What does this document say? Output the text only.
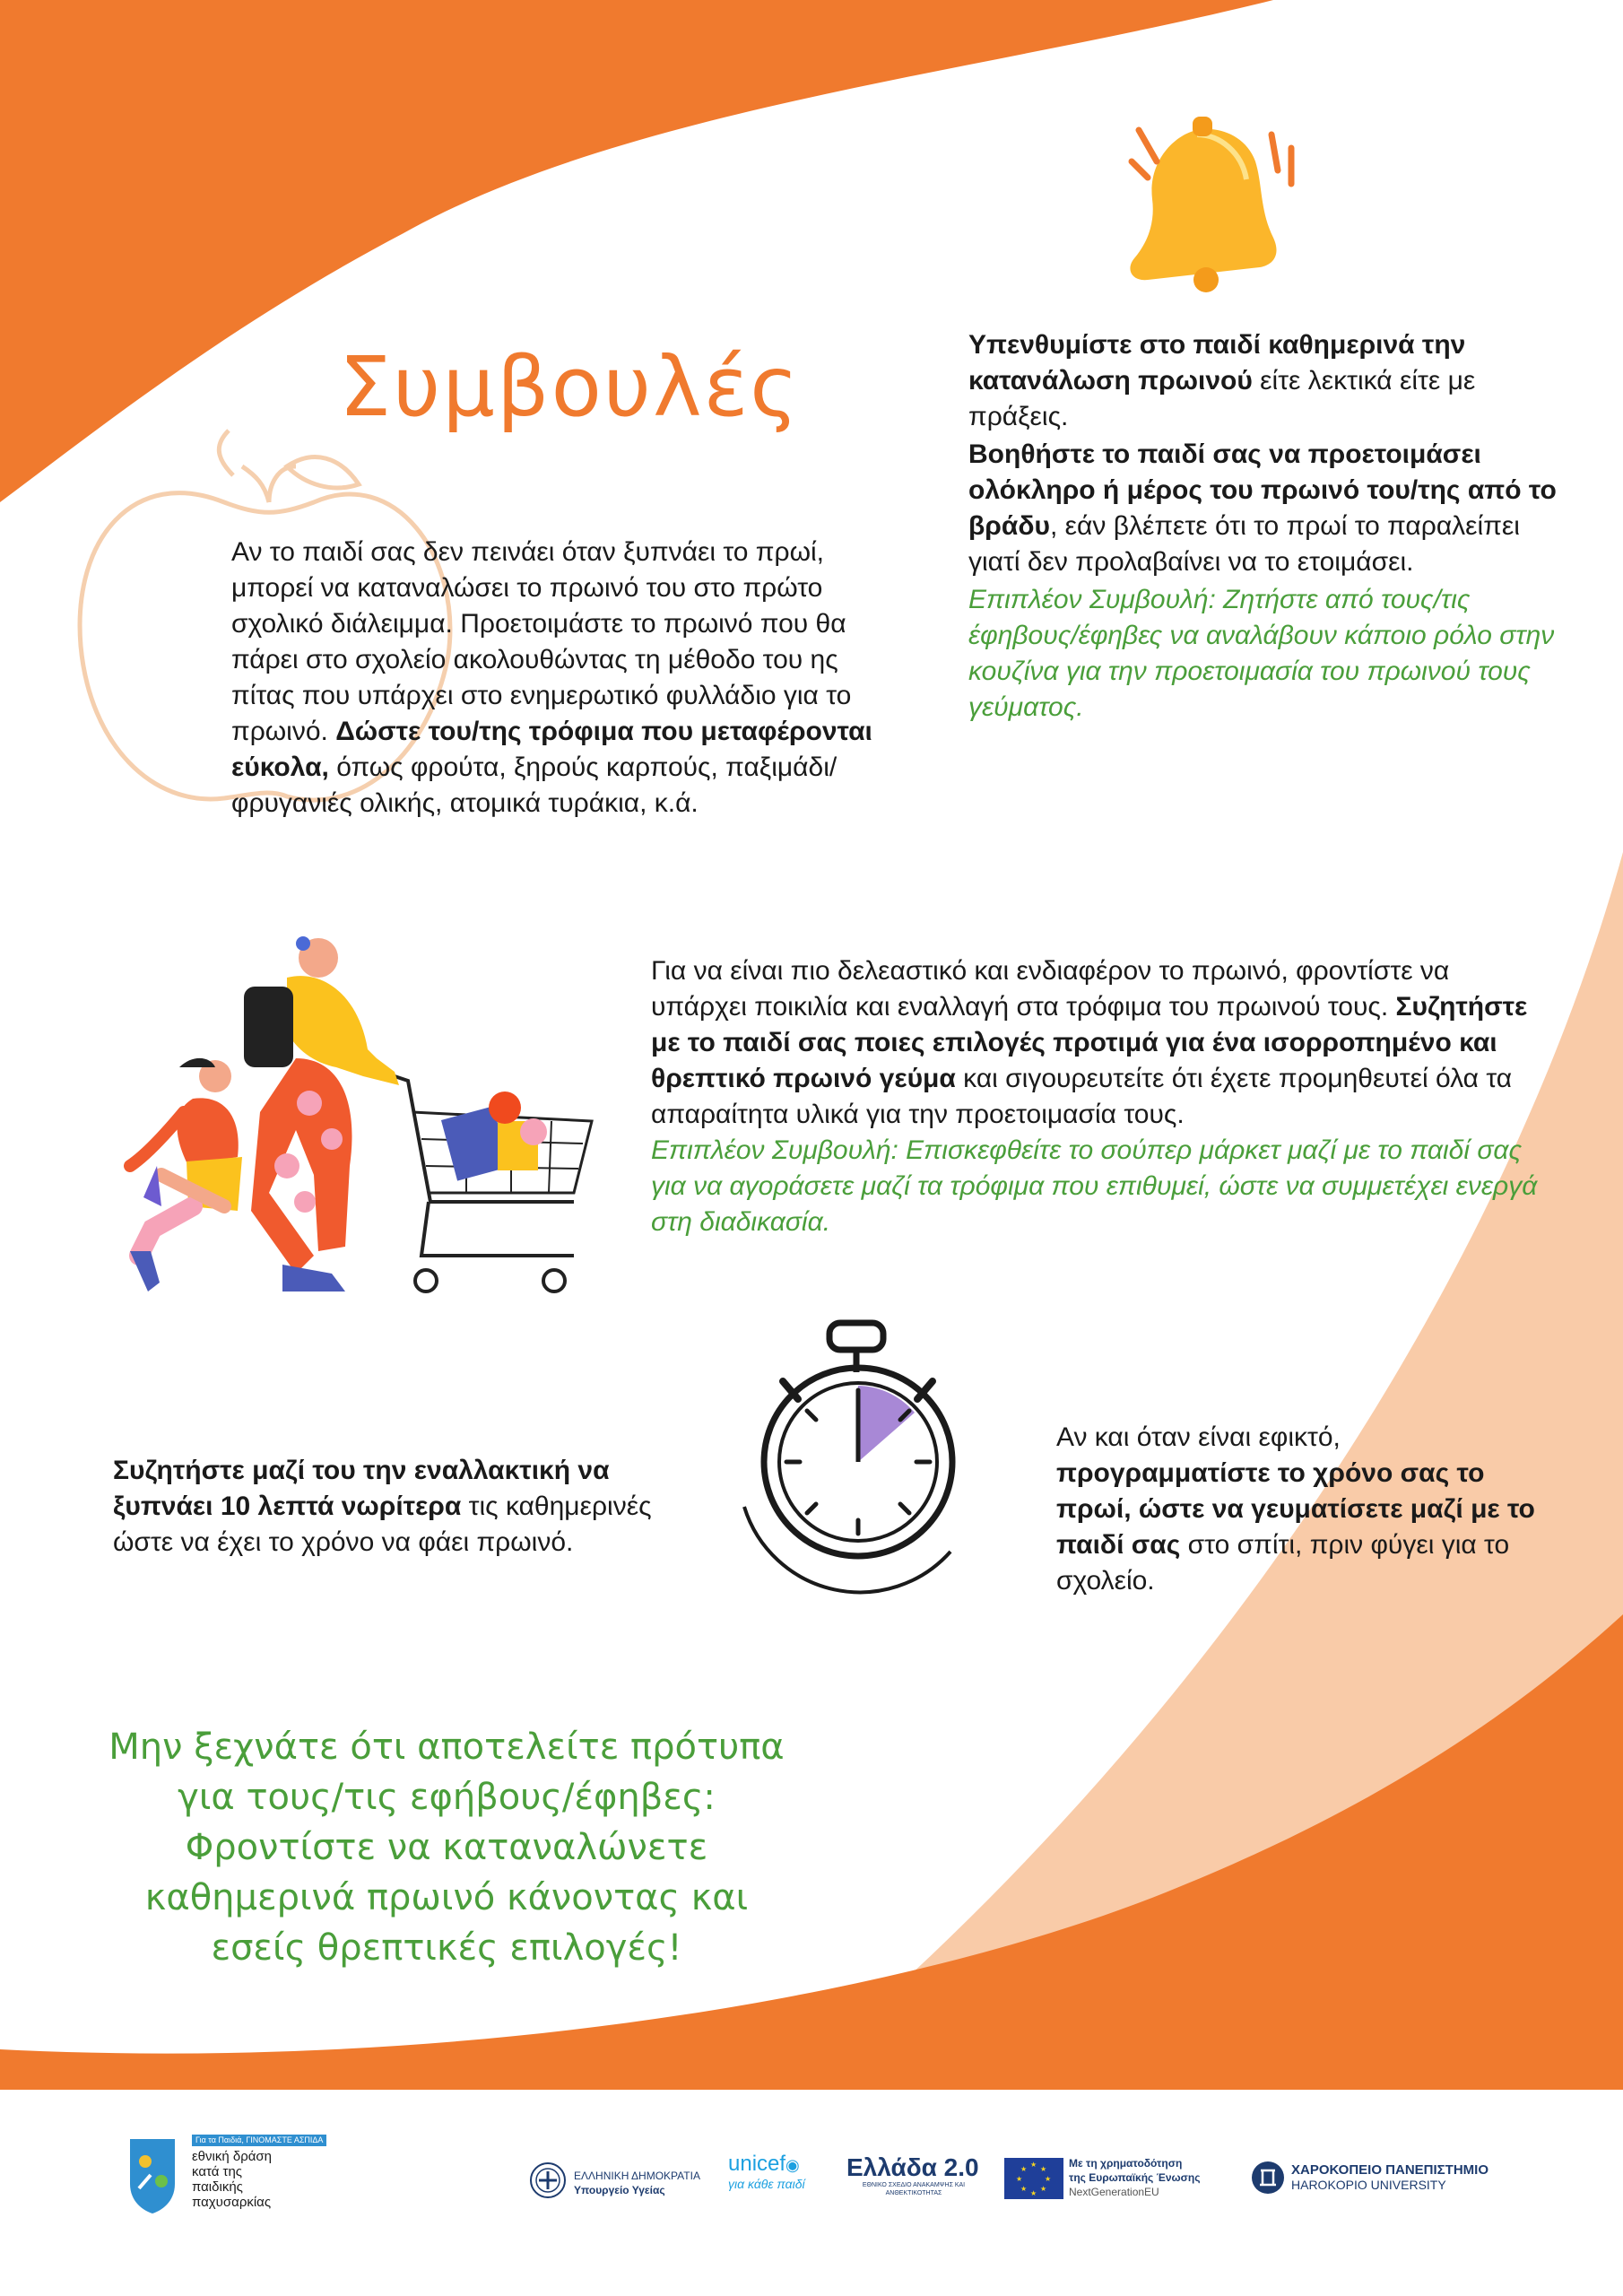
Συμβουλές
Αν το παιδί σας δεν πεινάει όταν ξυπνάει το πρωί, μπορεί να καταναλώσει το πρωινό του στο πρώτο σχολικό διάλειμμα. Προετοιμάστε το πρωινό που θα πάρει στο σχολείο ακολουθώντας τη μέθοδο του ης πίτας που υπάρχει στο ενημερωτικό φυλλάδιο για το πρωινό. Δώστε του/της τρόφιμα που μεταφέρονται εύκολα, όπως φρούτα, ξηρούς καρπούς, παξιμάδι/ φρυγανιές ολικής, ατομικά τυράκια, κ.ά.
Υπενθυμίστε στο παιδί καθημερινά την κατανάλωση πρωινού είτε λεκτικά είτε με πράξεις.
Βοηθήστε το παιδί σας να προετοιμάσει ολόκληρο ή μέρος του πρωινό του/της από το βράδυ, εάν βλέπετε ότι το πρωί το παραλείπει γιατί δεν προλαβαίνει να το ετοιμάσει.
Επιπλέον Συμβουλή: Ζητήστε από τους/τις έφηβους/έφηβες να αναλάβουν κάποιο ρόλο στην κουζίνα για την προετοιμασία του πρωινού τους γεύματος.
Για να είναι πιο δελεαστικό και ενδιαφέρον το πρωινό, φροντίστε να υπάρχει ποικιλία και εναλλαγή στα τρόφιμα του πρωινού τους. Συζητήστε με το παιδί σας ποιες επιλογές προτιμά για ένα ισορροπημένο και θρεπτικό πρωινό γεύμα και σιγουρευτείτε ότι έχετε προμηθευτεί όλα τα απαραίτητα υλικά για την προετοιμασία τους.
Επιπλέον Συμβουλή: Επισκεφθείτε το σούπερ μάρκετ μαζί με το παιδί σας για να αγοράσετε μαζί τα τρόφιμα που επιθυμεί, ώστε να συμμετέχει ενεργά στη διαδικασία.
Συζητήστε μαζί του την εναλλακτική να ξυπνάει 10 λεπτά νωρίτερα τις καθημερινές ώστε να έχει το χρόνο να φάει πρωινό.
Αν και όταν είναι εφικτό, προγραμματίστε το χρόνο σας το πρωί, ώστε να γευματίσετε μαζί με το παιδί σας στο σπίτι, πριν φύγει για το σχολείο.
Μην ξεχνάτε ότι αποτελείτε πρότυπα για τους/τις εφήβους/έφηβες: Φροντίστε να καταναλώνετε καθημερινά πρωινό κάνοντας και εσείς θρεπτικές επιλογές!
Για τα Παιδιά, ΓΙΝΟΜΑΣΤΕ ΑΣΠΙΔΑ
εθνική δράση
κατά της
παιδικής
παχυσαρκίας
ΕΛΛΗΝΙΚΗ ΔΗΜΟΚΡΑΤΙΑ
Υπουργείο Υγείας
unicef◉
για κάθε παιδί
Ελλάδα 2.0
ΕΘΝΙΚΟ ΣΧΕΔΙΟ ΑΝΑΚΑΜΨΗΣ ΚΑΙ ΑΝΘΕΚΤΙΚΟΤΗΤΑΣ
★
★
★	★
★ ★
★ ★
Με τη χρηματοδότηση
της Ευρωπαϊκής Ένωσης
NextGenerationEU
ΧΑΡΟΚΟΠΕΙΟ ΠΑΝΕΠΙΣΤΗΜΙΟ
HAROKOPIO UNIVERSITY
